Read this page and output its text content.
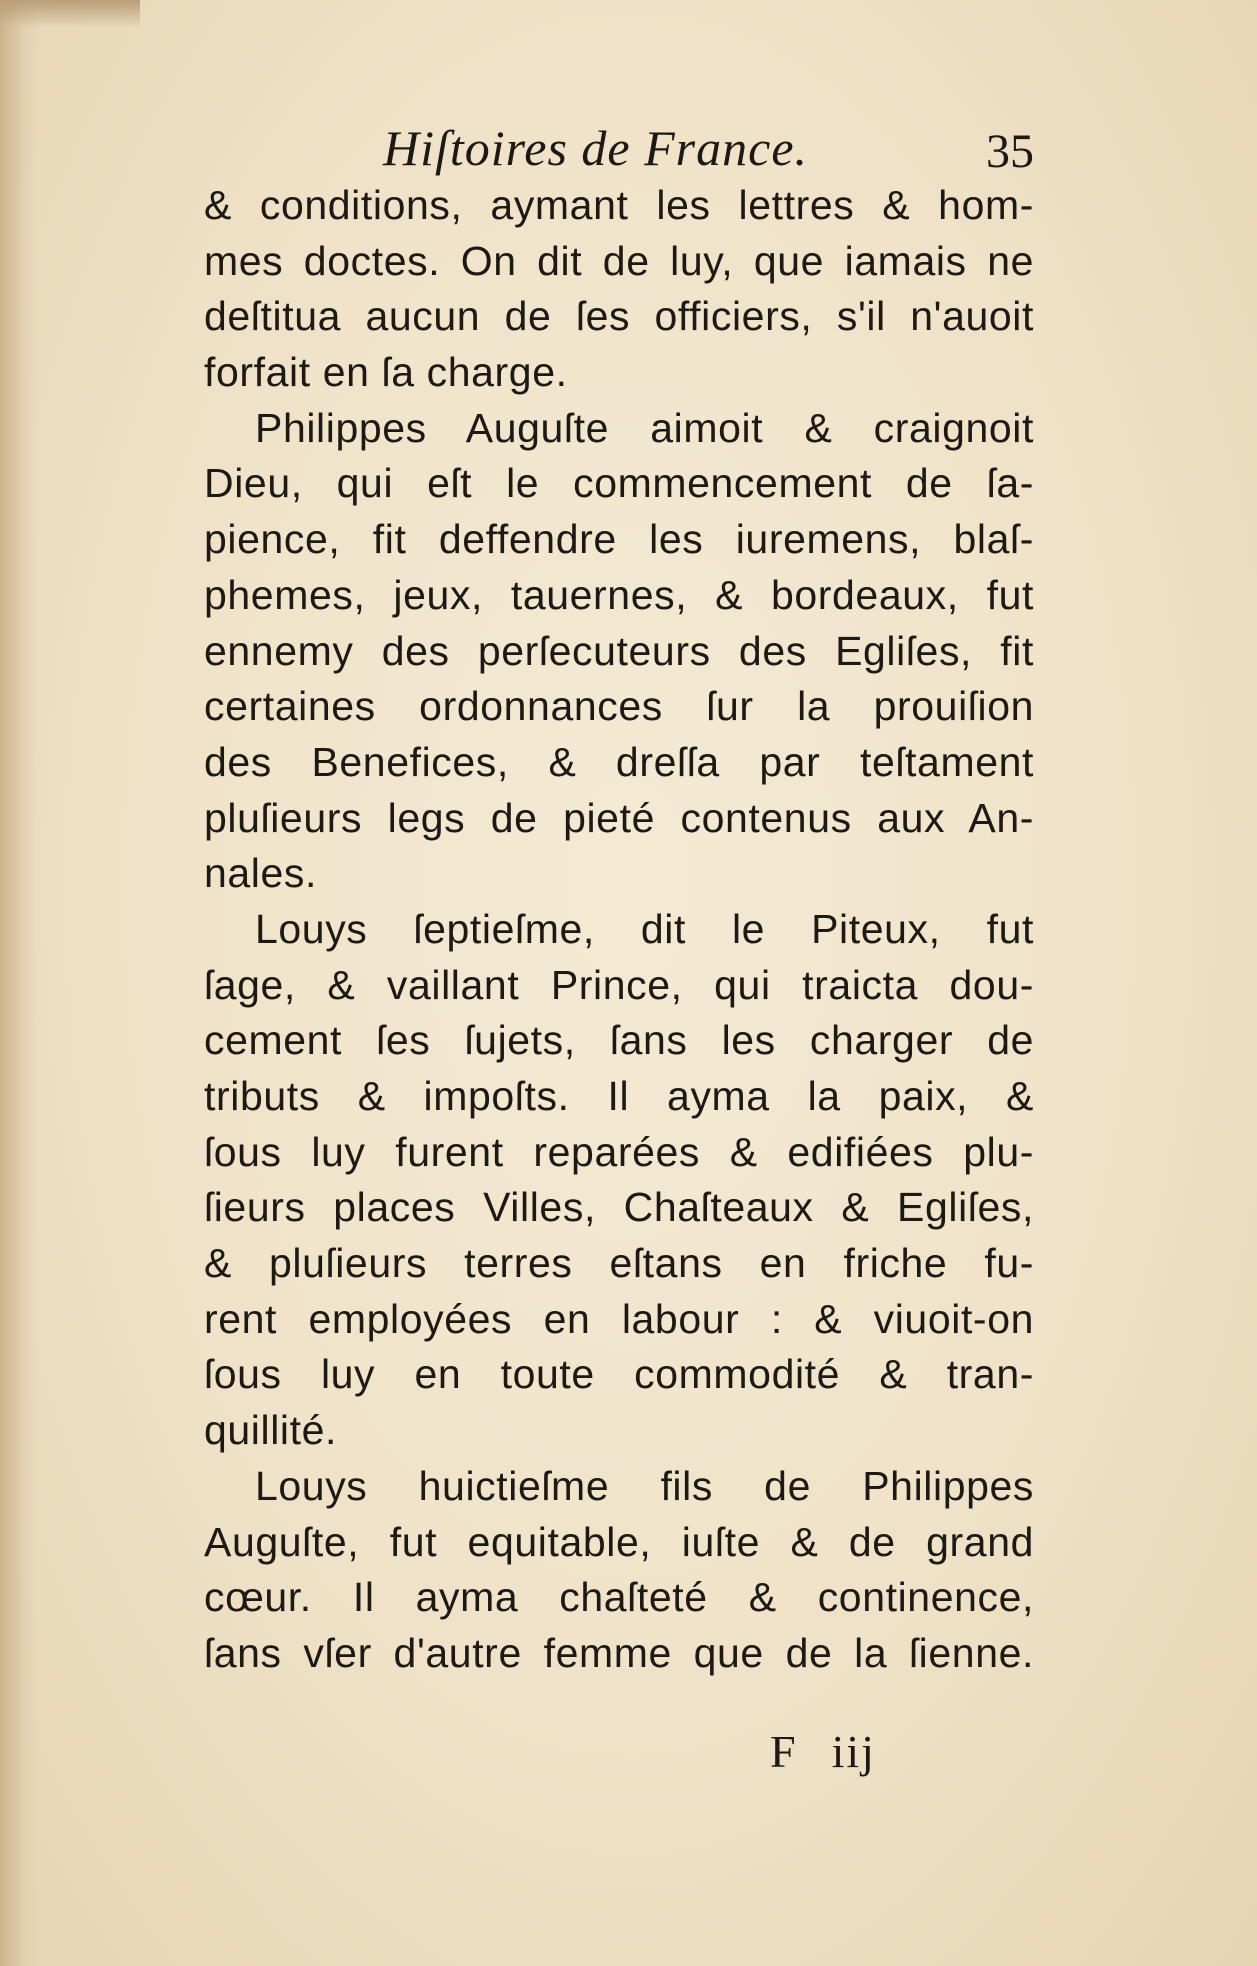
Hiſtoires de France.	35
& conditions, aymant les lettres & hom-
mes doctes. On dit de luy, que iamais ne
deſtitua aucun de ſes officiers, s'il n'auoit
forfait en ſa charge.
Philippes Auguſte aimoit & craignoit
Dieu, qui eſt le commencement de ſa-
pience, fit deffendre les iuremens, blaſ-
phemes, jeux, tauernes, & bordeaux, fut
ennemy des perſecuteurs des Egliſes, fit
certaines ordonnances ſur la prouiſion
des Benefices, & dreſſa par teſtament
pluſieurs legs de pieté contenus aux An-
nales.
Louys ſeptieſme, dit le Piteux, fut
ſage, & vaillant Prince, qui traicta dou-
cement ſes ſujets, ſans les charger de
tributs & impoſts. Il ayma la paix, &
ſous luy furent reparées & edifiées plu-
ſieurs places Villes, Chaſteaux & Egliſes,
& pluſieurs terres eſtans en friche fu-
rent employées en labour : & viuoit-on
ſous luy en toute commodité & tran-
quillité.
Louys huictieſme fils de Philippes
Auguſte, fut equitable, iuſte & de grand
cœur. Il ayma chaſteté & continence,
ſans vſer d'autre femme que de la ſienne.
F iij
